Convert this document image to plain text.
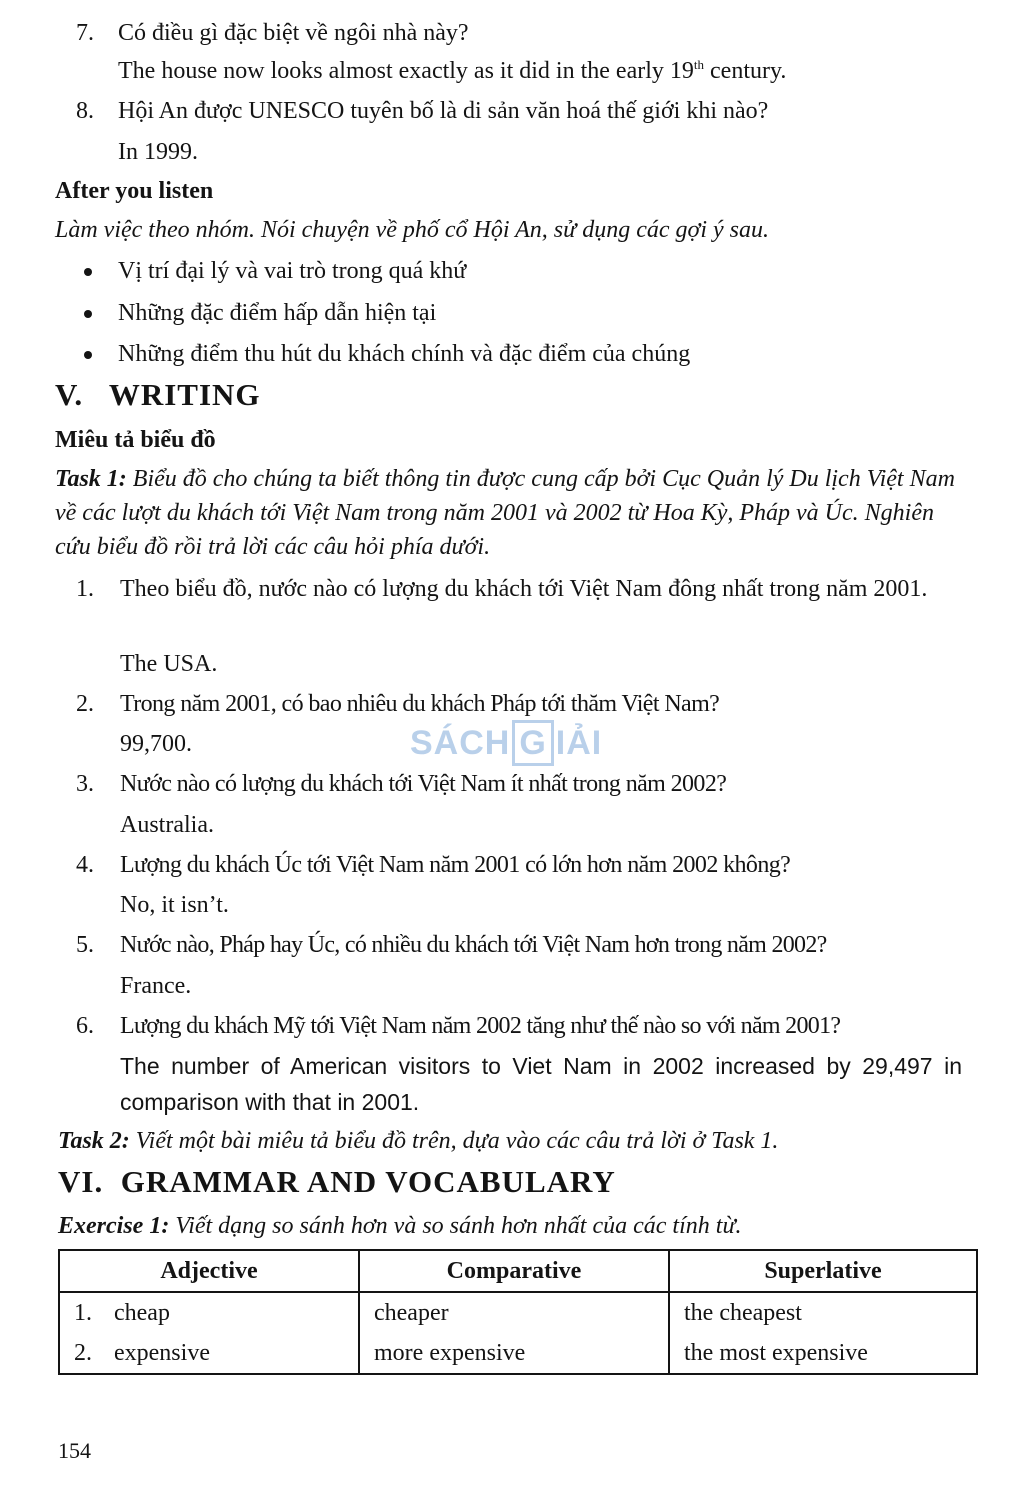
7. Có điều gì đặc biệt về ngôi nhà này?
The house now looks almost exactly as it did in the early 19th century.
8. Hội An được UNESCO tuyên bố là di sản văn hoá thế giới khi nào?
In 1999.
After you listen
Làm việc theo nhóm. Nói chuyện về phố cổ Hội An, sử dụng các gợi ý sau.
Vị trí đại lý và vai trò trong quá khứ
Những đặc điểm hấp dẫn hiện tại
Những điểm thu hút du khách chính và đặc điểm của chúng
V.   WRITING
Miêu tả biểu đồ
Task 1: Biểu đồ cho chúng ta biết thông tin được cung cấp bởi Cục Quản lý Du lịch Việt Nam về các lượt du khách tới Việt Nam trong năm 2001 và 2002 từ Hoa Kỳ, Pháp và Úc. Nghiên cứu biểu đồ rồi trả lời các câu hỏi phía dưới.
1. Theo biểu đồ, nước nào có lượng du khách tới Việt Nam đông nhất trong năm 2001.
The USA.
2. Trong năm 2001, có bao nhiêu du khách Pháp tới thăm Việt Nam?
99,700.
3. Nước nào có lượng du khách tới Việt Nam ít nhất trong năm 2002?
Australia.
4. Lượng du khách Úc tới Việt Nam năm 2001 có lớn hơn năm 2002 không?
No, it isn’t.
5. Nước nào, Pháp hay Úc, có nhiều du khách tới Việt Nam hơn trong năm 2002?
France.
6. Lượng du khách Mỹ tới Việt Nam năm 2002 tăng như thế nào so với năm 2001?
The number of American visitors to Viet Nam in 2002 increased by 29,497 in comparison with that in 2001.
Task 2: Viết một bài miêu tả biểu đồ trên, dựa vào các câu trả lời ở Task 1.
VI.  GRAMMAR AND VOCABULARY
Exercise 1: Viết dạng so sánh hơn và so sánh hơn nhất của các tính từ.
Adjective	Comparative	Superlative
1. cheap	cheaper	the cheapest
2. expensive	more expensive	the most expensive
SÁCH G IẢI
154
